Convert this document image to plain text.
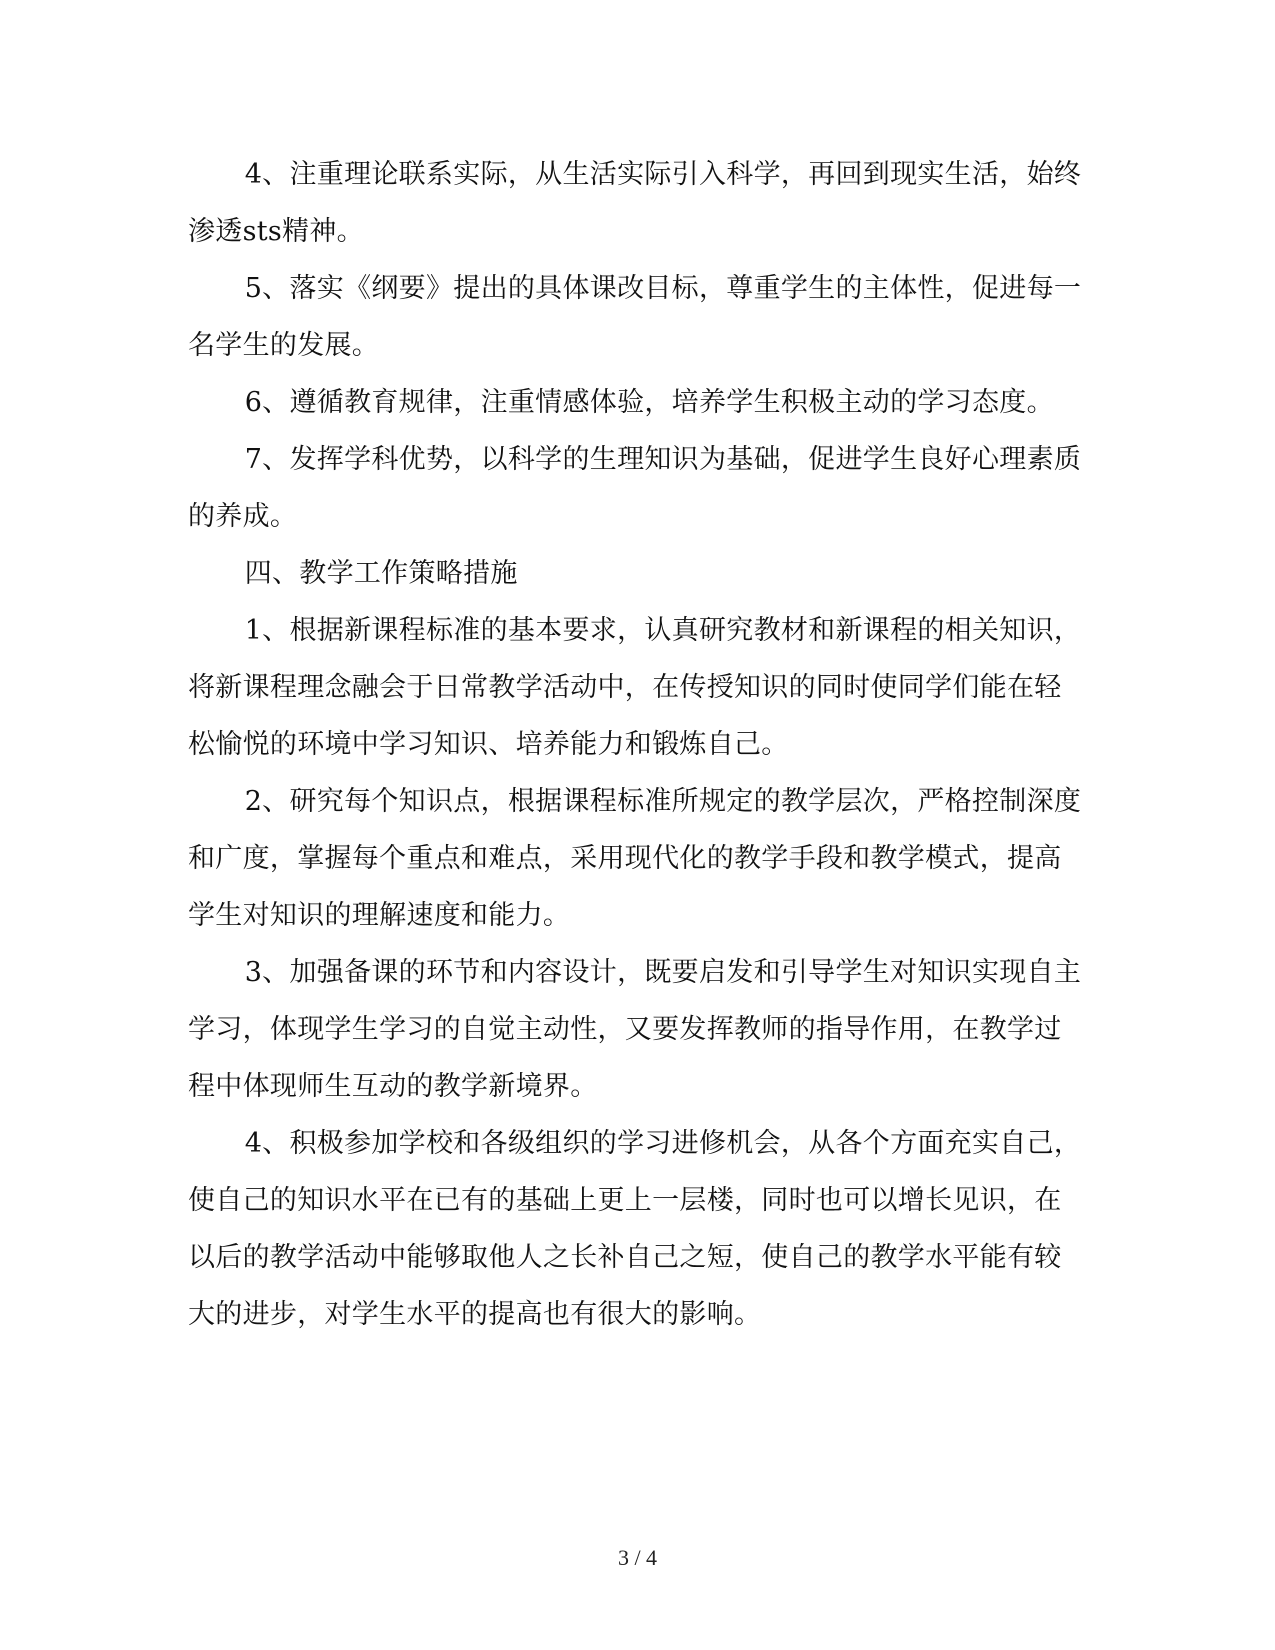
4、注重理论联系实际，从生活实际引入科学，再回到现实生活，始终渗透sts精神。

5、落实《纲要》提出的具体课改目标，尊重学生的主体性，促进每一名学生的发展。

6、遵循教育规律，注重情感体验，培养学生积极主动的学习态度。

7、发挥学科优势，以科学的生理知识为基础，促进学生良好心理素质的养成。

四、教学工作策略措施

1、根据新课程标准的基本要求，认真研究教材和新课程的相关知识，将新课程理念融会于日常教学活动中，在传授知识的同时使同学们能在轻松愉悦的环境中学习知识、培养能力和锻炼自己。

2、研究每个知识点，根据课程标准所规定的教学层次，严格控制深度和广度，掌握每个重点和难点，采用现代化的教学手段和教学模式，提高学生对知识的理解速度和能力。

3、加强备课的环节和内容设计，既要启发和引导学生对知识实现自主学习，体现学生学习的自觉主动性，又要发挥教师的指导作用，在教学过程中体现师生互动的教学新境界。

4、积极参加学校和各级组织的学习进修机会，从各个方面充实自己，使自己的知识水平在已有的基础上更上一层楼，同时也可以增长见识，在以后的教学活动中能够取他人之长补自己之短，使自己的教学水平能有较大的进步，对学生水平的提高也有很大的影响。

3 / 4
